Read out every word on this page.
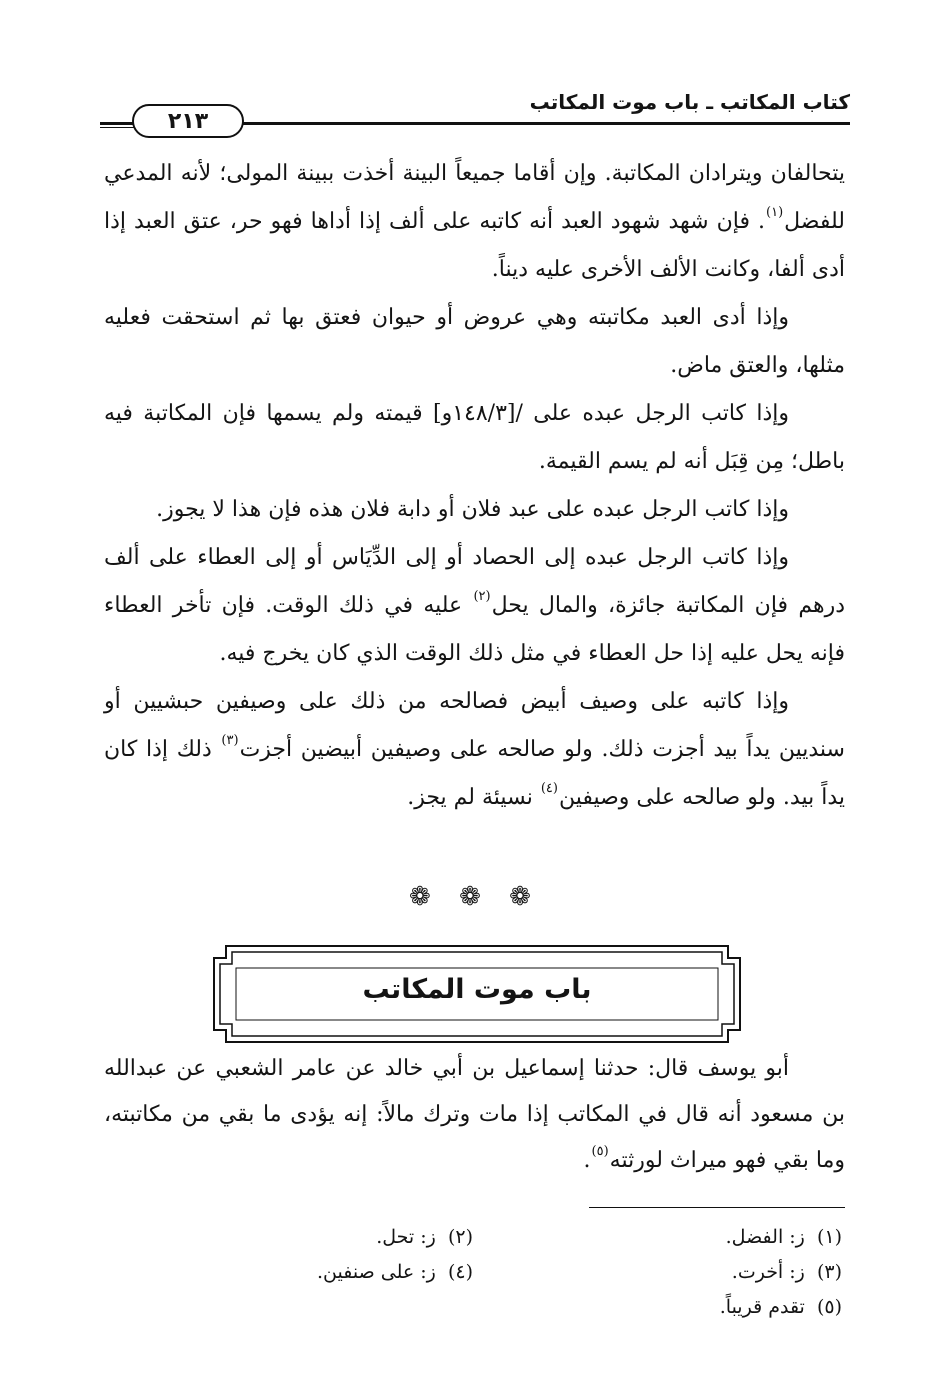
كتاب المكاتب ـ باب موت المكاتب
٢١٣

يتحالفان ويترادان المكاتبة. وإن أقاما جميعاً البينة أخذت ببينة المولى؛ لأنه المدعي للفضل$^{(١)}$. فإن شهد شهود العبد أنه كاتبه على ألف إذا أداها فهو حر، عتق العبد إذا أدى ألفا، وكانت الألف الأخرى عليه ديناً.

وإذا أدى العبد مكاتبته وهي عروض أو حيوان فعتق بها ثم استحقت فعليه مثلها، والعتق ماض.

وإذا كاتب الرجل عبده على /[١٤٨/٣و] قيمته ولم يسمها فإن المكاتبة فيه باطل؛ مِن قِبَل أنه لم يسم القيمة.

وإذا كاتب الرجل عبده على عبد فلان أو دابة فلان هذه فإن هذا لا يجوز.

وإذا كاتب الرجل عبده إلى الحصاد أو إلى الدِّيَاس أو إلى العطاء على ألف درهم فإن المكاتبة جائزة، والمال يحل$^{(٢)}$ عليه في ذلك الوقت. فإن تأخر العطاء فإنه يحل عليه إذا حل العطاء في مثل ذلك الوقت الذي كان يخرج فيه.

وإذا كاتبه على وصيف أبيض فصالحه من ذلك على وصيفين حبشيين أو سنديين يداً بيد أجزت ذلك. ولو صالحه على وصيفين أبيضين أجزت$^{(٣)}$ ذلك إذا كان يداً بيد. ولو صالحه على وصيفين$^{(٤)}$ نسيئة لم يجز.

❁ ❁ ❁
باب موت المكاتب

أبو يوسف قال: حدثنا إسماعيل بن أبي خالد عن عامر الشعبي عن عبدالله بن مسعود أنه قال في المكاتب إذا مات وترك مالاً: إنه يؤدى ما بقي من مكاتبته، وما بقي فهو ميراث لورثته$^{(٥)}$.

(١)  ز: الفضل.
(٢)  ز: تحل.
(٣)  ز: أخرت.
(٤)  ز: على صنفين.
(٥)  تقدم قريباً.
